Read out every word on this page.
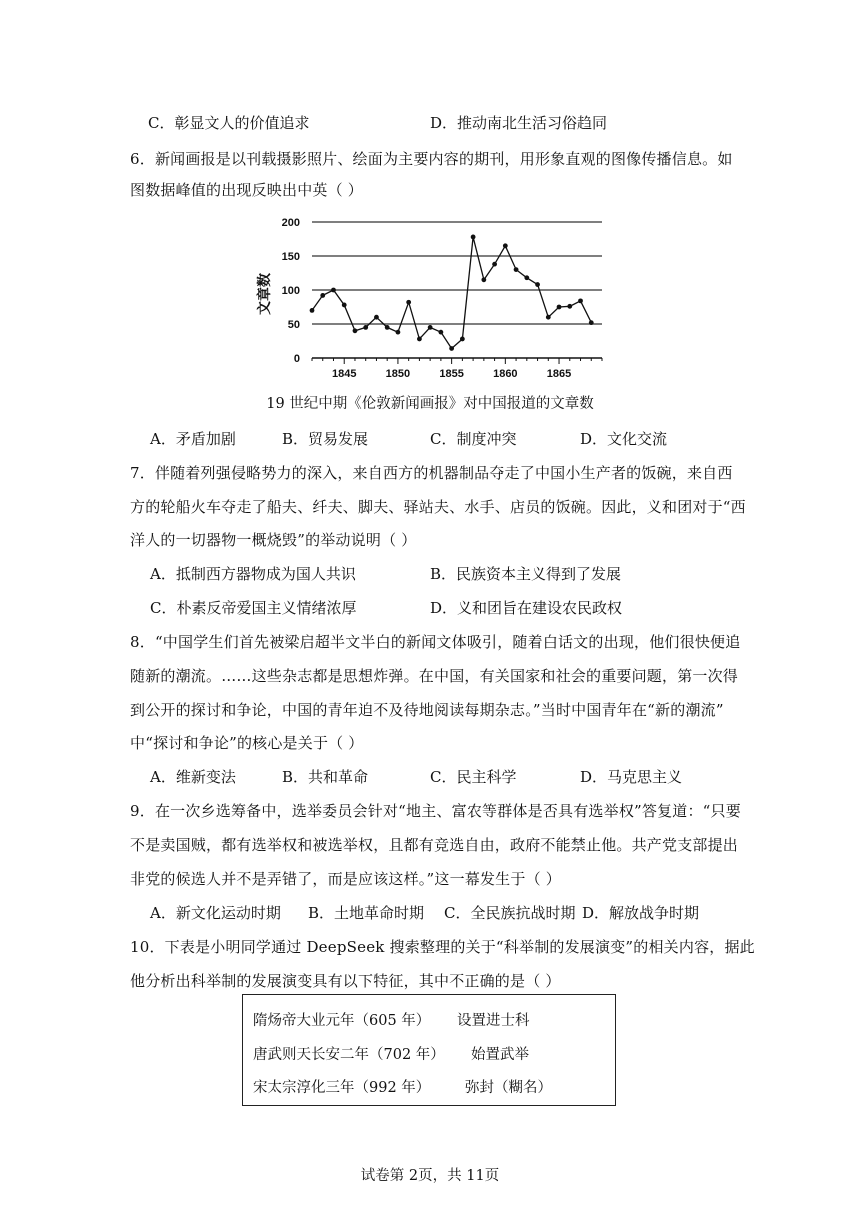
C．彰显文人的价值追求	D．推动南北生活习俗趋同
6．新闻画报是以刊载摄影照片、绘面为主要内容的期刊，用形象直观的图像传播信息。如
图数据峰值的出现反映出中英（ ）
0
50
100
150
200
文章数
1845	1850	1855	1860	1865
19 世纪中期《伦敦新闻画报》对中国报道的文章数
A．矛盾加剧	B．贸易发展	C．制度冲突	D．文化交流
7．伴随着列强侵略势力的深入，来自西方的机器制品夺走了中国小生产者的饭碗，来自西
方的轮船火车夺走了船夫、纤夫、脚夫、驿站夫、水手、店员的饭碗。因此，义和团对于“西
洋人的一切器物一概烧毁”的举动说明（ ）
A．抵制西方器物成为国人共识	B．民族资本主义得到了发展
C．朴素反帝爱国主义情绪浓厚	D．义和团旨在建设农民政权
8．“中国学生们首先被梁启超半文半白的新闻文体吸引，随着白话文的出现，他们很快便追
随新的潮流。……这些杂志都是思想炸弹。在中国，有关国家和社会的重要问题，第一次得
到公开的探讨和争论，中国的青年迫不及待地阅读每期杂志。”当时中国青年在“新的潮流”
中“探讨和争论”的核心是关于（ ）
A．维新变法	B．共和革命	C．民主科学	D．马克思主义
9．在一次乡选筹备中，选举委员会针对“地主、富农等群体是否具有选举权”答复道：“只要
不是卖国贼，都有选举权和被选举权，且都有竞选自由，政府不能禁止他。共产党支部提出
非党的候选人并不是弄错了，而是应该这样。”这一幕发生于（ ）
A．新文化运动时期 B．土地革命时期 C．全民族抗战时期 D．解放战争时期
10．下表是小明同学通过 DeepSeek 搜索整理的关于“科举制的发展演变”的相关内容，据此
他分析出科举制的发展演变具有以下特征，其中不正确的是（ ）
隋炀帝大业元年（605 年） 设置进士科
唐武则天长安二年（702 年） 始置武举
宋太宗淳化三年（992 年） 弥封（糊名）
试卷第 2页，共 11页
